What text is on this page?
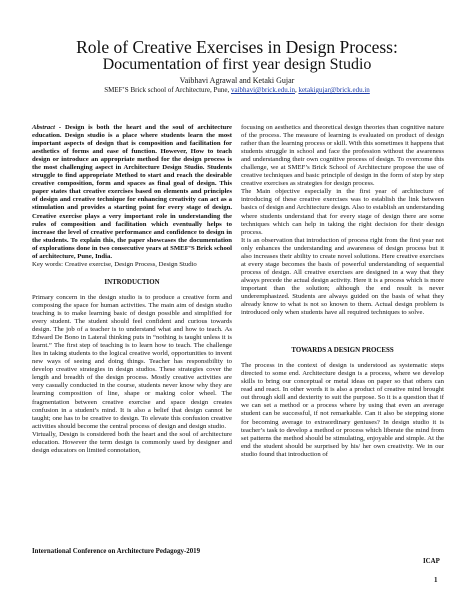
Role of Creative Exercises in Design Process:
Documentation of first year design Studio
Vaibhavi Agrawal and Ketaki Gujar
SMEF’S Brick school of Architecture, Pune, vaibhavi@brick.edu.in, ketakigujar@brick.edu.in
Abstract - Design is both the heart and the soul of architecture education. Design studio is a place where students learn the most important aspects of design that is composition and facilitation for aesthetics of forms and ease of function. However, How to teach design or introduce an appropriate method for the design process is the most challenging aspect in Architecture Design Studio. Students struggle to find appropriate Method to start and reach the desirable creative composition, form and spaces as final goal of design. This paper states that creative exercises based on elements and principles of design and creative technique for enhancing creativity can act as a stimulation and provides a starting point for every stage of design. Creative exercise plays a very important role in understanding the rules of composition and facilitation which eventually helps to increase the level of creative performance and confidence to design in the students. To explain this, the paper showcases the documentation of explorations done in two consecutive years at SMEF’S Brick school of architecture, Pune, India.
Key words: Creative exercise, Design Process, Design Studio
INTRODUCTION
Primary concern in the design studio is to produce a creative form and composing the space for human activities. The main aim of design studio teaching is to make learning basic of design possible and simplified for every student. The student should feel confident and curious towards design. The job of a teacher is to understand what and how to teach. As Edward De Bono in Lateral thinking puts in “nothing is taught unless it is learnt.” The first step of teaching is to learn how to teach. The challenge lies in taking students to the logical creative world, opportunities to invent new ways of seeing and doing things. Teacher has responsibility to develop creative strategies in design studios. These strategies cover the length and breadth of the design process. Mostly creative activities are very casually conducted in the course, students never know why they are learning composition of line, shape or making color wheel. The fragmentation between creative exercise and space design creates confusion in a student’s mind. It is also a belief that design cannot be taught; one has to be creative to design. To elevate this confusion creative activities should become the central process of design and design studio.
Virtually, Design is considered both the heart and the soul of architecture education. However the term design is commonly used by designer and design educators on limited connotation,
focusing on aesthetics and theoretical design theories than cognitive nature of the process. The measure of learning is evaluated on product of design rather than the learning process or skill. With this sometimes it happens that students struggle in school and face the profession without the awareness and understanding their own cognitive process of design. To overcome this challenge, we at SMEF’s Brick School of Architecture propose the use of creative techniques and basic principle of design in the form of step by step creative exercises as strategies for design process.
The Main objective especially in the first year of architecture of introducing of these creative exercises was to establish the link between basics of design and Architecture design. Also to establish an understanding where students understand that for every stage of design there are some techniques which can help in taking the right decision for their design process.
It is an observation that introduction of process right from the first year not only enhances the understanding and awareness of design process but it also increases their ability to create novel solutions. Here creative exercises at every stage becomes the basis of powerful understanding of sequential process of design. All creative exercises are designed in a way that they always precede the actual design activity. Here it is a process which is more important than the solution; although the end result is never underemphasized. Students are always guided on the basis of what they already know to what is not so known to them. Actual design problem is introduced only when students have all required techniques to solve.
TOWARDS A DESIGN PROCESS
The process in the context of design is understood as systematic steps directed to some end. Architecture design is a process, where we develop skills to bring our conceptual or metal ideas on paper so that others can read and react. In other words it is also a product of creative mind brought out through skill and dexterity to suit the purpose. So it is a question that if we can set a method or a process where by using that even an average student can be successful, if not remarkable. Can it also be stepping stone for becoming average to extraordinary geniuses? In design studio it is teacher’s task to develop a method or process which liberate the mind from set patterns the method should be stimulating, enjoyable and simple. At the end the student should be surprised by his/ her own creativity. We in our studio found that introduction of
International Conference on Architecture Pedagogy-2019
ICAP
1
